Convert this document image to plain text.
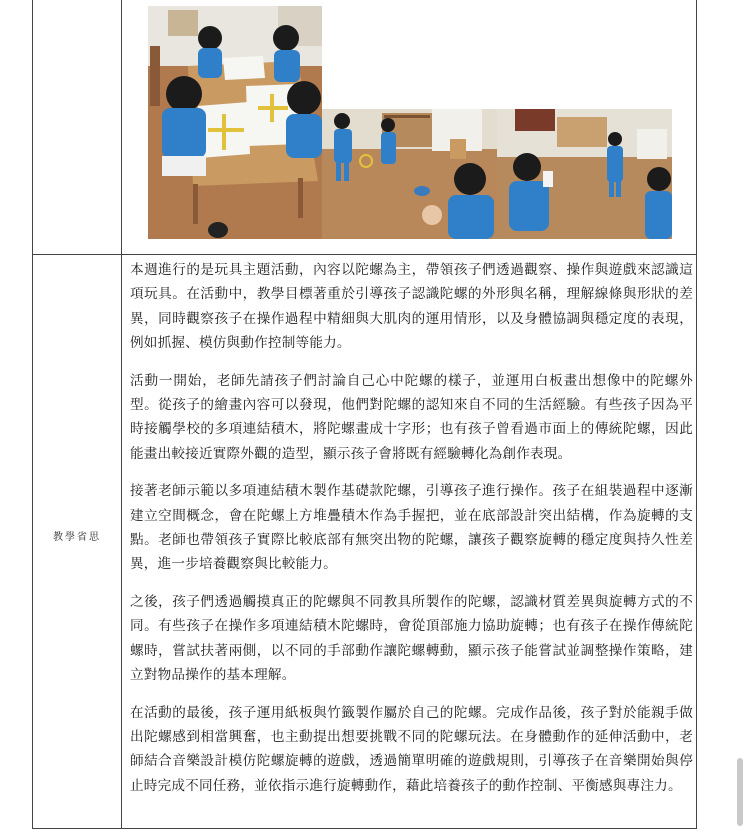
教學省思

本週進行的是玩具主題活動，內容以陀螺為主，帶領孩子們透過觀察、操作與遊戲來認識這項玩具。在活動中，教學目標著重於引導孩子認識陀螺的外形與名稱，理解線條與形狀的差異，同時觀察孩子在操作過程中精細與大肌肉的運用情形，以及身體協調與穩定度的表現，例如抓握、模仿與動作控制等能力。

活動一開始，老師先請孩子們討論自己心中陀螺的樣子，並運用白板畫出想像中的陀螺外型。從孩子的繪畫內容可以發現，他們對陀螺的認知來自不同的生活經驗。有些孩子因為平時接觸學校的多項連結積木，將陀螺畫成十字形；也有孩子曾看過市面上的傳統陀螺，因此能畫出較接近實際外觀的造型，顯示孩子會將既有經驗轉化為創作表現。

接著老師示範以多項連結積木製作基礎款陀螺，引導孩子進行操作。孩子在組裝過程中逐漸建立空間概念，會在陀螺上方堆疊積木作為手握把，並在底部設計突出結構，作為旋轉的支點。老師也帶領孩子實際比較底部有無突出物的陀螺，讓孩子觀察旋轉的穩定度與持久性差異，進一步培養觀察與比較能力。

之後，孩子們透過觸摸真正的陀螺與不同教具所製作的陀螺，認識材質差異與旋轉方式的不同。有些孩子在操作多項連結積木陀螺時，會從頂部施力協助旋轉；也有孩子在操作傳統陀螺時，嘗試扶著兩側，以不同的手部動作讓陀螺轉動，顯示孩子能嘗試並調整操作策略，建立對物品操作的基本理解。

在活動的最後，孩子運用紙板與竹籤製作屬於自己的陀螺。完成作品後，孩子對於能親手做出陀螺感到相當興奮，也主動提出想要挑戰不同的陀螺玩法。在身體動作的延伸活動中，老師結合音樂設計模仿陀螺旋轉的遊戲，透過簡單明確的遊戲規則，引導孩子在音樂開始與停止時完成不同任務，並依指示進行旋轉動作，藉此培養孩子的動作控制、平衡感與專注力。
